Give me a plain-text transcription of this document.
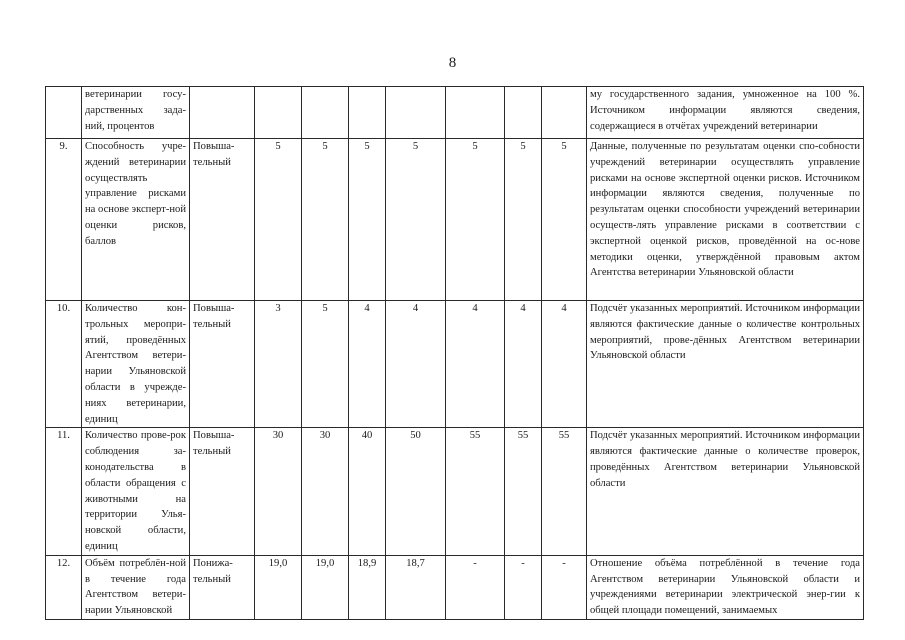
8
	ветеринарии госу-дарственных зада-ний, процентов									му государственного задания, умноженное на 100 %. Источником информации являются сведения, содержащиеся в отчётах учреждений ветеринарии
9.	Способность учре-ждений ветеринарии осуществлять управление рисками на основе эксперт-ной оценки рисков, баллов	Повыша-тельный	5	5	5	5	5	5	5	Данные, полученные по результатам оценки спо-собности учреждений ветеринарии осуществлять управление рисками на основе экспертной оценки рисков. Источником информации являются сведения, полученные по результатам оценки способности учреждений ветеринарии осуществ-лять управление рисками в соответствии с экспертной оценкой рисков, проведённой на ос-нове методики оценки, утверждённой правовым актом Агентства ветеринарии Ульяновской области
10.	Количество кон-трольных меропри-ятий, проведённых Агентством ветери-нарии Ульяновской области в учрежде-ниях ветеринарии, единиц	Повыша-тельный	3	5	4	4	4	4	4	Подсчёт указанных мероприятий. Источником информации являются фактические данные о количестве контрольных мероприятий, прове-дённых Агентством ветеринарии Ульяновской области
11.	Количество прове-рок соблюдения за-конодательства в области обращения с животными на территории Улья-новской области, единиц	Повыша-тельный	30	30	40	50	55	55	55	Подсчёт указанных мероприятий. Источником информации являются фактические данные о количестве проверок, проведённых Агентством ветеринарии Ульяновской области
12.	Объём потреблён-ной в течение года Агентством ветери-нарии Ульяновской	Понижа-тельный	19,0	19,0	18,9	18,7	-	-	-	Отношение объёма потреблённой в течение года Агентством ветеринарии Ульяновской области и учреждениями ветеринарии электрической энер-гии к общей площади помещений, занимаемых
